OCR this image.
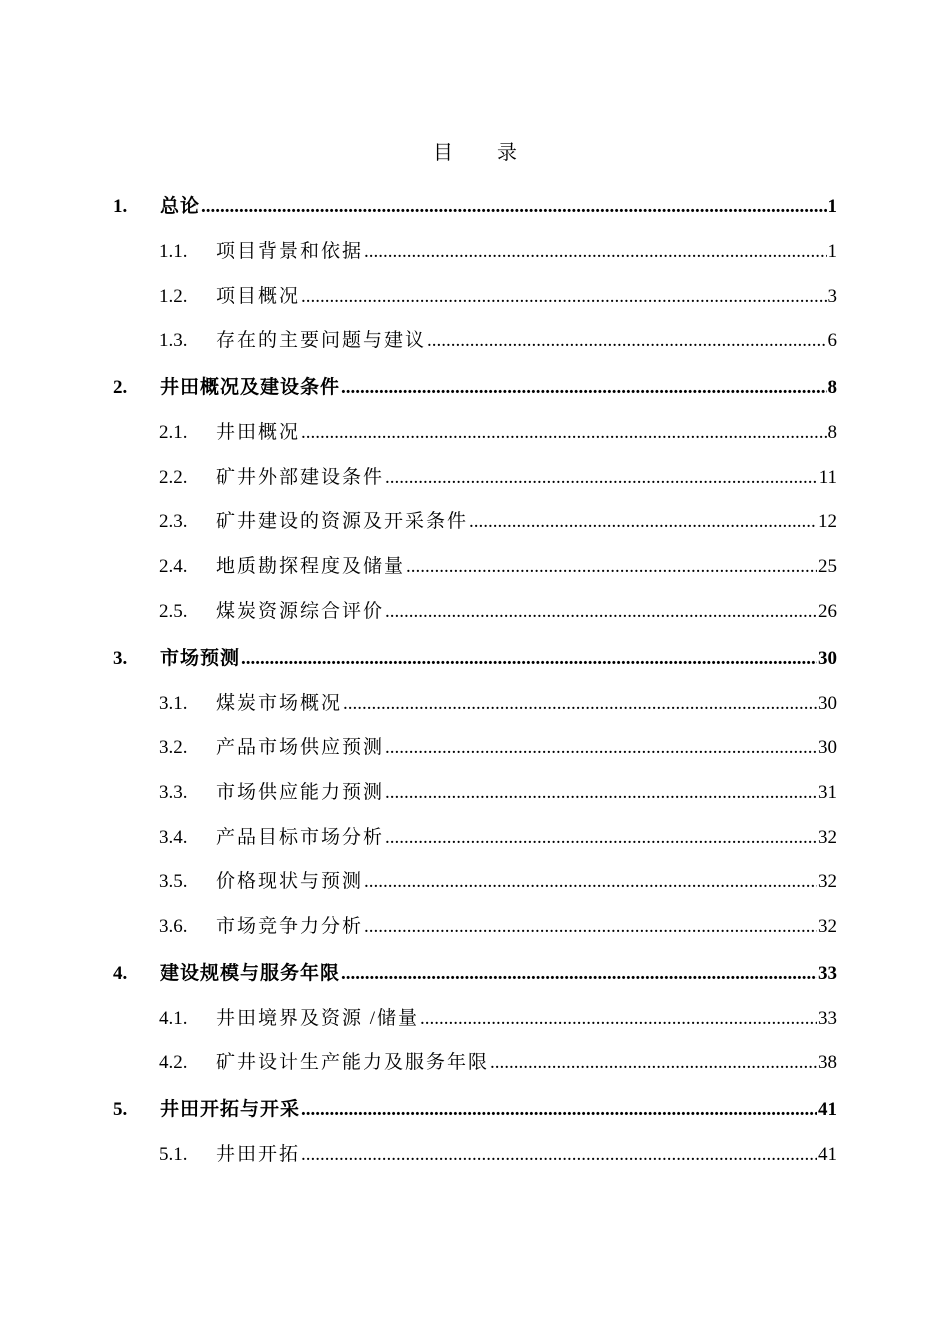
目 录
1.	总论 .....	1
1.1.	项目背景和依据 .....	1
1.2.	项目概况 .....	3
1.3.	存在的主要问题与建议 .....	6
2.	井田概况及建设条件 .....	8
2.1.	井田概况 .....	8
2.2.	矿井外部建设条件 .....	11
2.3.	矿井建设的资源及开采条件 .....	12
2.4.	地质勘探程度及储量 .....	25
2.5.	煤炭资源综合评价 .....	26
3.	市场预测 .....	30
3.1.	煤炭市场概况 .....	30
3.2.	产品市场供应预测 .....	30
3.3.	市场供应能力预测 .....	31
3.4.	产品目标市场分析 .....	32
3.5.	价格现状与预测 .....	32
3.6.	市场竞争力分析 .....	32
4.	建设规模与服务年限 .....	33
4.1.	井田境界及资源 /储量 .....	33
4.2.	矿井设计生产能力及服务年限 .....	38
5.	井田开拓与开采 .....	41
5.1.	井田开拓 .....	41
